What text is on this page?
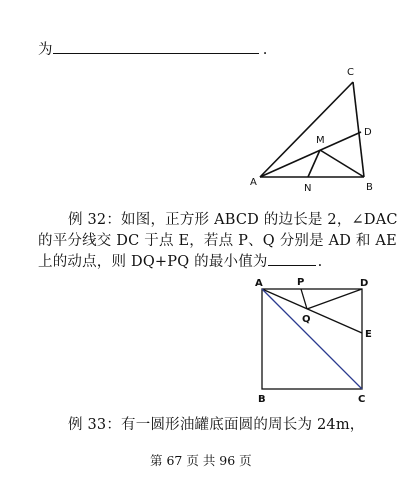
为	.
A	B
C
D
M
N
例 32：如图，正方形 ABCD 的边长是 2，∠DAC
的平分线交 DC 于点 E，若点 P、Q 分别是 AD 和 AE
上的动点，则 DQ+PQ 的最小值为	.
A	P	D
Q
E
B	C
例 33：有一圆形油罐底面圆的周长为 24m，
第 67 页 共 96 页
